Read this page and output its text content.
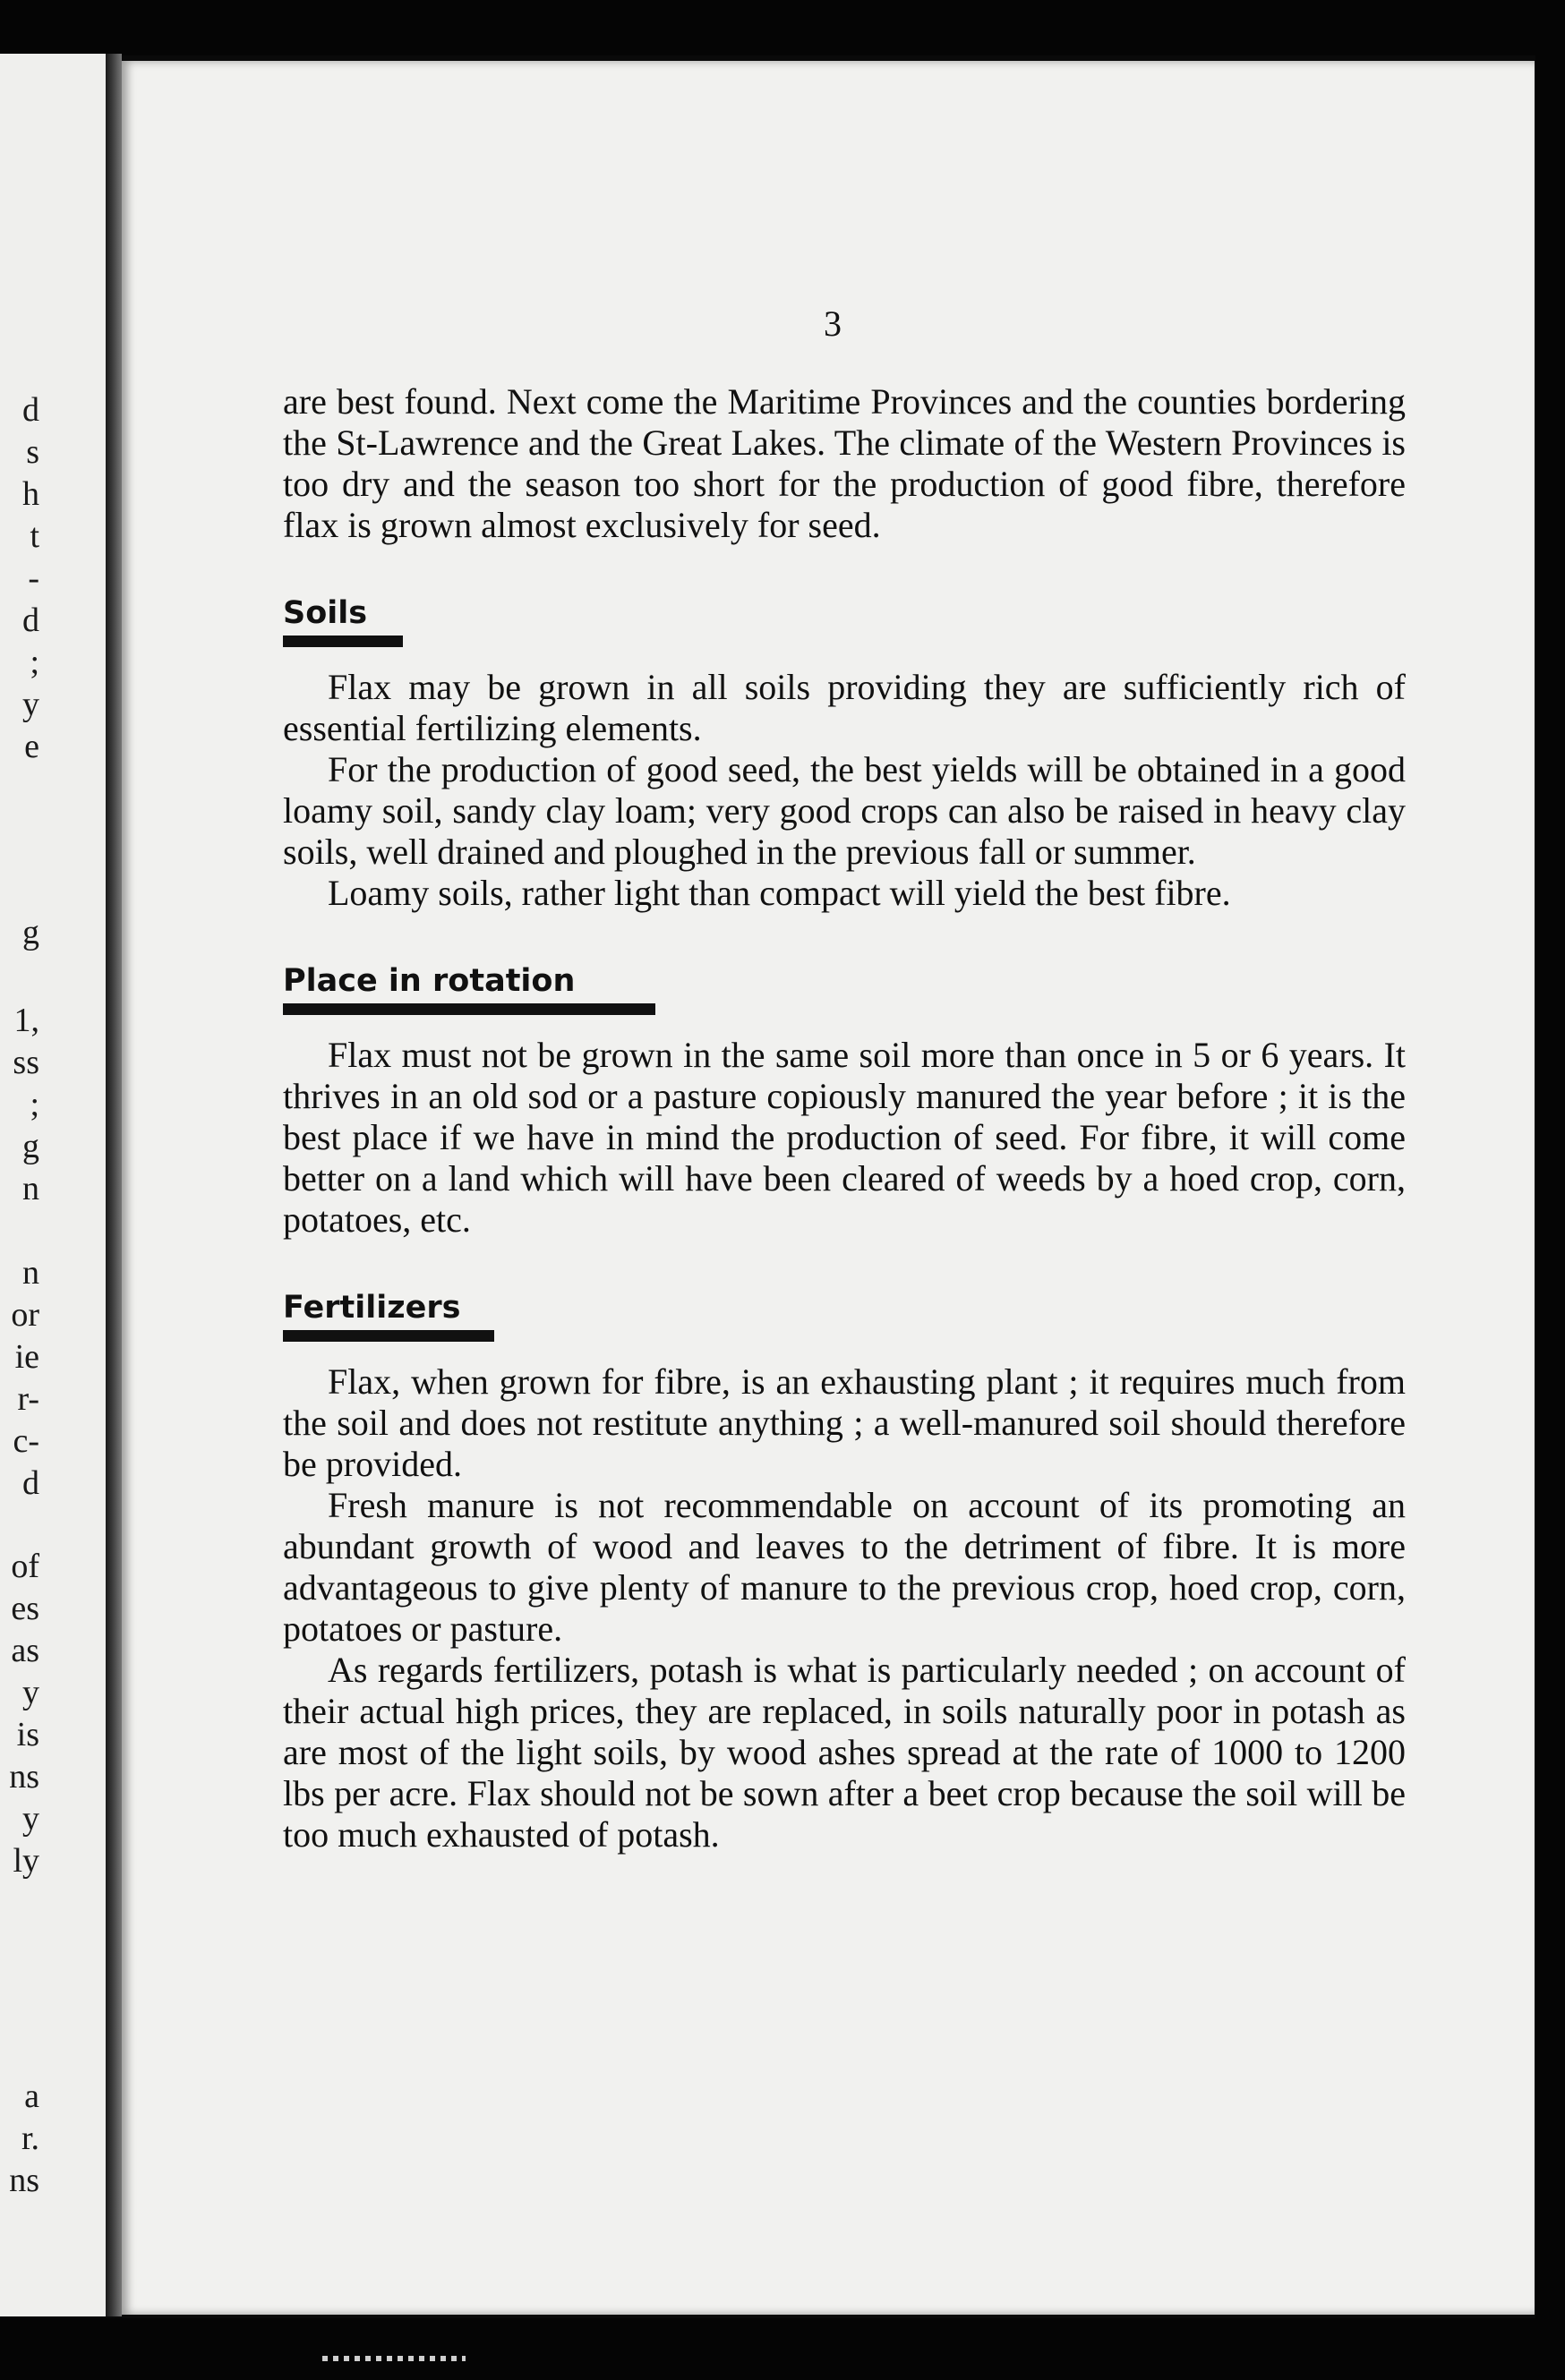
d
s
h
t
-
d
;
y
e
g
1,
ss
;
g
n
n
or
ie
r-
c-
d
of
es
as
y
is
ns
y
ly
a
r.
ns
3

are best found. Next come the Maritime Provinces and the counties bordering the St-Lawrence and the Great Lakes. The climate of the Western Provinces is too dry and the season too short for the production of good fibre, therefore flax is grown almost exclusively for seed.

Soils

Flax may be grown in all soils providing they are sufficiently rich of essential fertilizing elements.

For the production of good seed, the best yields will be obtained in a good loamy soil, sandy clay loam; very good crops can also be raised in heavy clay soils, well drained and ploughed in the previous fall or summer.

Loamy soils, rather light than compact will yield the best fibre.

Place in rotation

Flax must not be grown in the same soil more than once in 5 or 6 years. It thrives in an old sod or a pasture copiously manured the year before ; it is the best place if we have in mind the production of seed. For fibre, it will come better on a land which will have been cleared of weeds by a hoed crop, corn, potatoes, etc.

Fertilizers

Flax, when grown for fibre, is an exhausting plant ; it requires much from the soil and does not restitute anything ; a well-manured soil should therefore be provided.

Fresh manure is not recommendable on account of its promoting an abundant growth of wood and leaves to the detriment of fibre. It is more advantageous to give plenty of manure to the previous crop, hoed crop, corn, potatoes or pasture.

As regards fertilizers, potash is what is particularly needed ; on account of their actual high prices, they are replaced, in soils naturally poor in potash as are most of the light soils, by wood ashes spread at the rate of 1000 to 1200 lbs per acre. Flax should not be sown after a beet crop because the soil will be too much exhausted of potash.
